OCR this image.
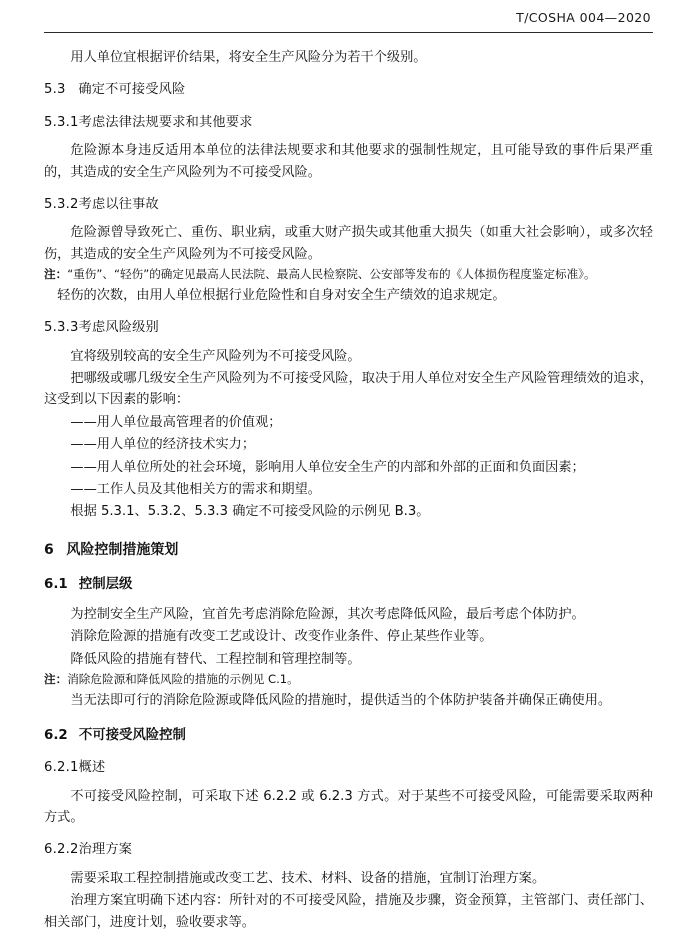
T/COSHA 004—2020

用人单位宜根据评价结果，将安全生产风险分为若干个级别。

5.3 确定不可接受风险
5.3.1考虑法律法规要求和其他要求

危险源本身违反适用本单位的法律法规要求和其他要求的强制性规定，且可能导致的事件后果严重的，其造成的安全生产风险列为不可接受风险。

5.3.2考虑以往事故

危险源曾导致死亡、重伤、职业病，或重大财产损失或其他重大损失（如重大社会影响），或多次轻伤，其造成的安全生产风险列为不可接受风险。

注：“重伤”、“轻伤”的确定见最高人民法院、最高人民检察院、公安部等发布的《人体损伤程度鉴定标准》。

　轻伤的次数，由用人单位根据行业危险性和自身对安全生产绩效的追求规定。

5.3.3考虑风险级别

宜将级别较高的安全生产风险列为不可接受风险。

把哪级或哪几级安全生产风险列为不可接受风险，取决于用人单位对安全生产风险管理绩效的追求，这受到以下因素的影响：

——用人单位最高管理者的价值观；

——用人单位的经济技术实力；

——用人单位所处的社会环境，影响用人单位安全生产的内部和外部的正面和负面因素；

——工作人员及其他相关方的需求和期望。

根据 5.3.1、5.3.2、5.3.3 确定不可接受风险的示例见 B.3。

6 风险控制措施策划
6.1 控制层级

为控制安全生产风险，宜首先考虑消除危险源，其次考虑降低风险，最后考虑个体防护。

消除危险源的措施有改变工艺或设计、改变作业条件、停止某些作业等。

降低风险的措施有替代、工程控制和管理控制等。

注：消除危险源和降低风险的措施的示例见 C.1。

当无法即可行的消除危险源或降低风险的措施时，提供适当的个体防护装备并确保正确使用。

6.2 不可接受风险控制
6.2.1概述

不可接受风险控制，可采取下述 6.2.2 或 6.2.3 方式。对于某些不可接受风险，可能需要采取两种方式。

6.2.2治理方案

需要采取工程控制措施或改变工艺、技术、材料、设备的措施，宜制订治理方案。

治理方案宜明确下述内容：所针对的不可接受风险，措施及步骤，资金预算，主管部门、责任部门、相关部门，进度计划，验收要求等。
